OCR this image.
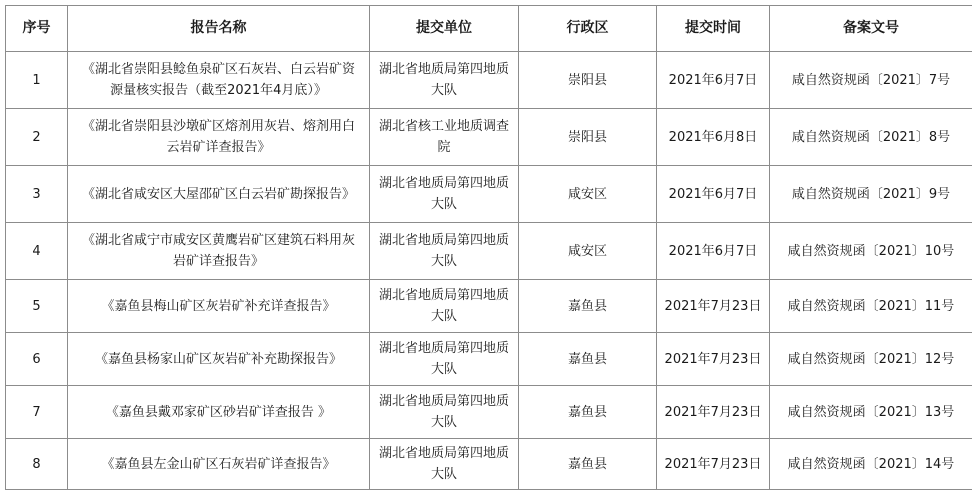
序号	报告名称	提交单位	行政区	提交时间	备案文号
1	《湖北省崇阳县鲶鱼泉矿区石灰岩、白云岩矿资源量核实报告（截至2021年4月底）》	湖北省地质局第四地质大队	崇阳县	2021年6月7日	咸自然资规函〔2021〕7号
2	《湖北省崇阳县沙墩矿区熔剂用灰岩、熔剂用白云岩矿详查报告》	湖北省核工业地质调查院	崇阳县	2021年6月8日	咸自然资规函〔2021〕8号
3	《湖北省咸安区大屋邵矿区白云岩矿勘探报告》	湖北省地质局第四地质大队	咸安区	2021年6月7日	咸自然资规函〔2021〕9号
4	《湖北省咸宁市咸安区黄鹰岩矿区建筑石料用灰岩矿详查报告》	湖北省地质局第四地质大队	咸安区	2021年6月7日	咸自然资规函〔2021〕10号
5	《嘉鱼县梅山矿区灰岩矿补充详查报告》	湖北省地质局第四地质大队	嘉鱼县	2021年7月23日	咸自然资规函〔2021〕11号
6	《嘉鱼县杨家山矿区灰岩矿补充勘探报告》	湖北省地质局第四地质大队	嘉鱼县	2021年7月23日	咸自然资规函〔2021〕12号
7	《嘉鱼县戴邓家矿区砂岩矿详查报告 》	湖北省地质局第四地质大队	嘉鱼县	2021年7月23日	咸自然资规函〔2021〕13号
8	《嘉鱼县左金山矿区石灰岩矿详查报告》	湖北省地质局第四地质大队	嘉鱼县	2021年7月23日	咸自然资规函〔2021〕14号
